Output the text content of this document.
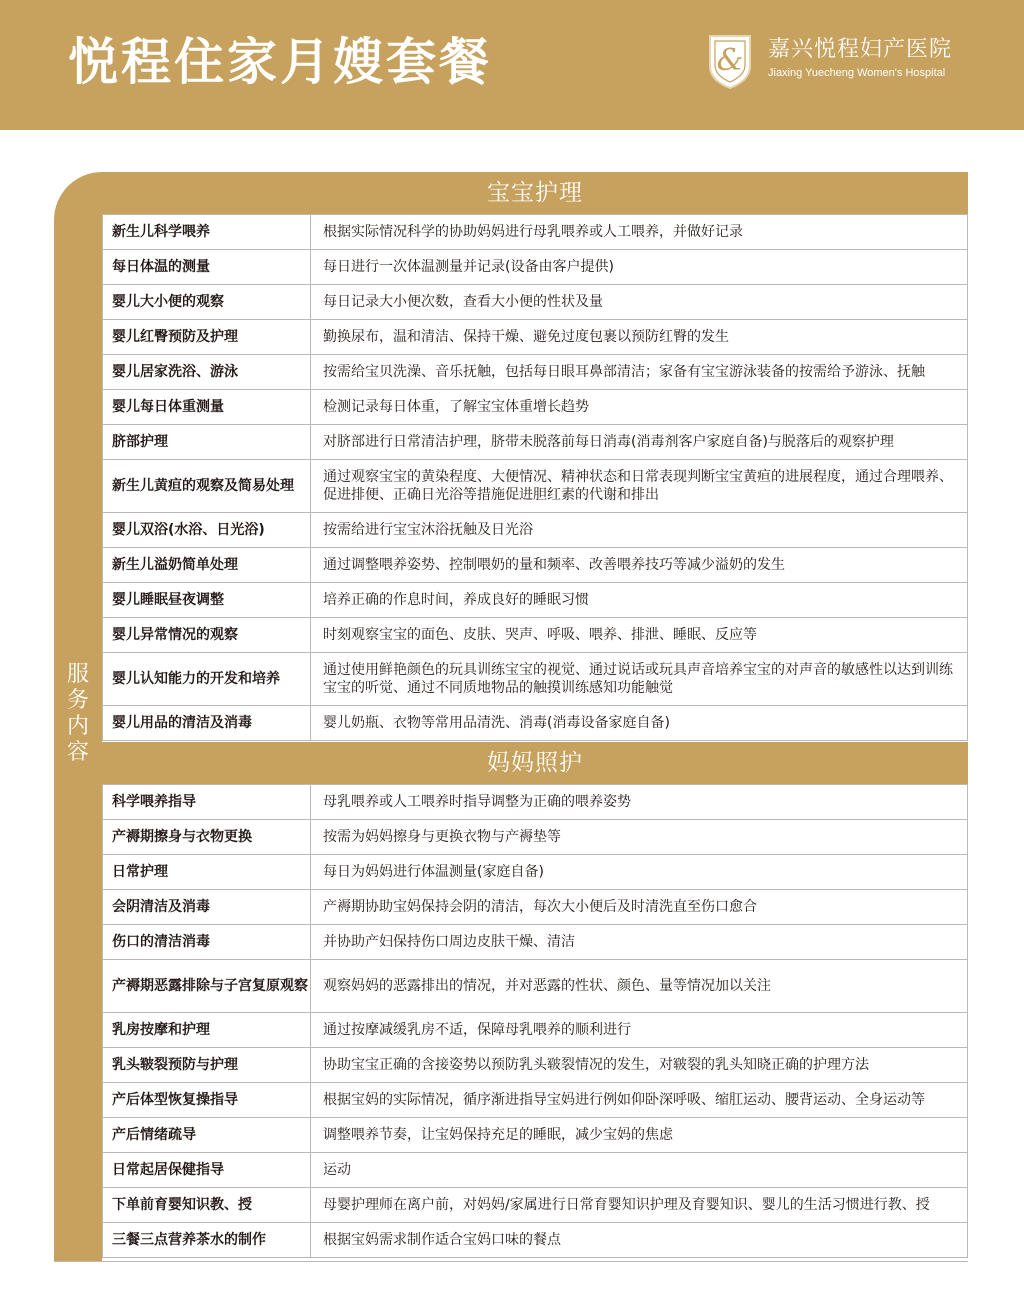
悦程住家月嫂套餐	& 嘉兴悦程妇产医院
Jiaxing Yuecheng Women's Hospital
服
务
内
容
宝宝护理
新生儿科学喂养	根据实际情况科学的协助妈妈进行母乳喂养或人工喂养，并做好记录
每日体温的测量	每日进行一次体温测量并记录(设备由客户提供)
婴儿大小便的观察	每日记录大小便次数，查看大小便的性状及量
婴儿红臀预防及护理	勤换尿布，温和清洁、保持干燥、避免过度包裹以预防红臀的发生
婴儿居家洗浴、游泳	按需给宝贝洗澡、音乐抚触，包括每日眼耳鼻部清洁；家备有宝宝游泳装备的按需给予游泳、抚触
婴儿每日体重测量	检测记录每日体重，了解宝宝体重增长趋势
脐部护理	对脐部进行日常清洁护理，脐带未脱落前每日消毒(消毒剂客户家庭自备)与脱落后的观察护理
新生儿黄疸的观察及简易处理	通过观察宝宝的黄染程度、大便情况、精神状态和日常表现判断宝宝黄疸的进展程度，通过合理喂养、促进排便、正确日光浴等措施促进胆红素的代谢和排出
婴儿双浴(水浴、日光浴)	按需给进行宝宝沐浴抚触及日光浴
新生儿溢奶简单处理	通过调整喂养姿势、控制喂奶的量和频率、改善喂养技巧等减少溢奶的发生
婴儿睡眠昼夜调整	培养正确的作息时间，养成良好的睡眠习惯
婴儿异常情况的观察	时刻观察宝宝的面色、皮肤、哭声、呼吸、喂养、排泄、睡眠、反应等
婴儿认知能力的开发和培养	通过使用鲜艳颜色的玩具训练宝宝的视觉、通过说话或玩具声音培养宝宝的对声音的敏感性以达到训练宝宝的听觉、通过不同质地物品的触摸训练感知功能触觉
婴儿用品的清洁及消毒	婴儿奶瓶、衣物等常用品清洗、消毒(消毒设备家庭自备)
妈妈照护
科学喂养指导	母乳喂养或人工喂养时指导调整为正确的喂养姿势
产褥期擦身与衣物更换	按需为妈妈擦身与更换衣物与产褥垫等
日常护理	每日为妈妈进行体温测量(家庭自备)
会阴清洁及消毒	产褥期协助宝妈保持会阴的清洁，每次大小便后及时清洗直至伤口愈合
伤口的清洁消毒	并协助产妇保持伤口周边皮肤干燥、清洁
产褥期恶露排除与子宫复原观察	观察妈妈的恶露排出的情况，并对恶露的性状、颜色、量等情况加以关注
乳房按摩和护理	通过按摩减缓乳房不适，保障母乳喂养的顺利进行
乳头皲裂预防与护理	协助宝宝正确的含接姿势以预防乳头皲裂情况的发生，对皲裂的乳头知晓正确的护理方法
产后体型恢复操指导	根据宝妈的实际情况，循序渐进指导宝妈进行例如仰卧深呼吸、缩肛运动、腰背运动、全身运动等
产后情绪疏导	调整喂养节奏，让宝妈保持充足的睡眠，减少宝妈的焦虑
日常起居保健指导	运动
下单前育婴知识教、授	母婴护理师在离户前，对妈妈/家属进行日常育婴知识护理及育婴知识、婴儿的生活习惯进行教、授
三餐三点营养茶水的制作	根据宝妈需求制作适合宝妈口味的餐点
